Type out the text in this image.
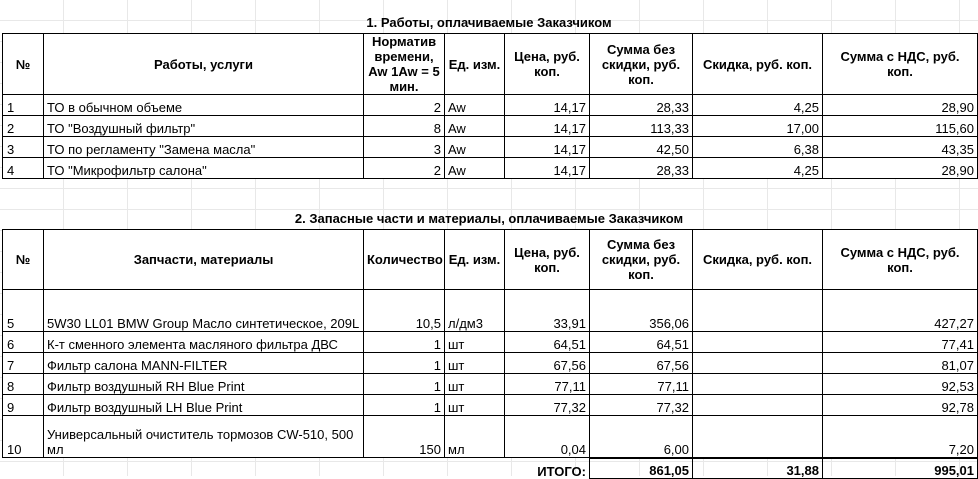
1. Работы, оплачиваемые Заказчиком
№	Работы, услуги	Норматив времени, Aw 1Aw = 5 мин.	Ед. изм.	Цена, руб. коп.	Сумма без скидки, руб. коп.	Скидка, руб. коп.	Сумма с НДС, руб. коп.
1	ТО в обычном объеме	2	Aw	14,17	28,33	4,25	28,90
2	ТО "Воздушный фильтр"	8	Aw	14,17	113,33	17,00	115,60
3	ТО по регламенту "Замена масла"	3	Aw	14,17	42,50	6,38	43,35
4	ТО "Микрофильтр салона"	2	Aw	14,17	28,33	4,25	28,90
2. Запасные части и материалы, оплачиваемые Заказчиком
№	Запчасти, материалы	Количество	Ед. изм.	Цена, руб. коп.	Сумма без скидки, руб. коп.	Скидка, руб. коп.	Сумма с НДС, руб. коп.
5	5W30 LL01 BMW Group Масло синтетическое, 209L	10,5	л/дм3	33,91	356,06		427,27
6	К-т сменного элемента масляного фильтра ДВС	1	шт	64,51	64,51		77,41
7	Фильтр салона MANN-FILTER	1	шт	67,56	67,56		81,07
8	Фильтр воздушный RH Blue Print	1	шт	77,11	77,11		92,53
9	Фильтр воздушный LH Blue Print	1	шт	77,32	77,32		92,78
10	Универсальный очиститель тормозов CW-510, 500 мл	150	мл	0,04	6,00		7,20
				ИТОГО:	861,05	31,88	995,01
